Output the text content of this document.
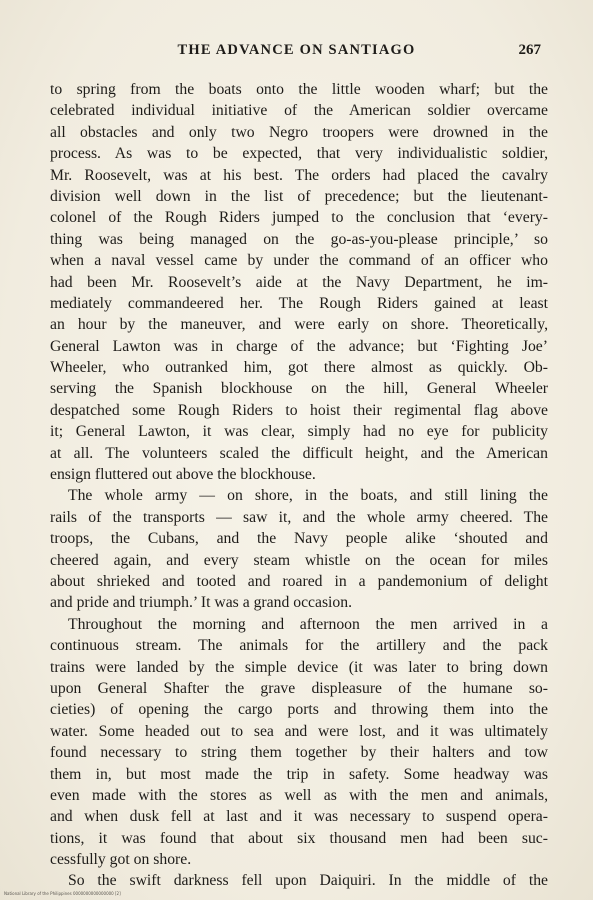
THE ADVANCE ON SANTIAGO	267
to spring from the boats onto the little wooden wharf; but the
celebrated individual initiative of the American soldier overcame
all obstacles and only two Negro troopers were drowned in the
process. As was to be expected, that very individualistic soldier,
Mr. Roosevelt, was at his best. The orders had placed the cavalry
division well down in the list of precedence; but the lieutenant-
colonel of the Rough Riders jumped to the conclusion that ‘every-
thing was being managed on the go-as-you-please principle,’ so
when a naval vessel came by under the command of an officer who
had been Mr. Roosevelt’s aide at the Navy Department, he im-
mediately commandeered her. The Rough Riders gained at least
an hour by the maneuver, and were early on shore. Theoretically,
General Lawton was in charge of the advance; but ‘Fighting Joe’
Wheeler, who outranked him, got there almost as quickly. Ob-
serving the Spanish blockhouse on the hill, General Wheeler
despatched some Rough Riders to hoist their regimental flag above
it; General Lawton, it was clear, simply had no eye for publicity
at all. The volunteers scaled the difficult height, and the American
ensign fluttered out above the blockhouse.
The whole army — on shore, in the boats, and still lining the
rails of the transports — saw it, and the whole army cheered. The
troops, the Cubans, and the Navy people alike ‘shouted and
cheered again, and every steam whistle on the ocean for miles
about shrieked and tooted and roared in a pandemonium of delight
and pride and triumph.’ It was a grand occasion.
Throughout the morning and afternoon the men arrived in a
continuous stream. The animals for the artillery and the pack
trains were landed by the simple device (it was later to bring down
upon General Shafter the grave displeasure of the humane so-
cieties) of opening the cargo ports and throwing them into the
water. Some headed out to sea and were lost, and it was ultimately
found necessary to string them together by their halters and tow
them in, but most made the trip in safety. Some headway was
even made with the stores as well as with the men and animals,
and when dusk fell at last and it was necessary to suspend opera-
tions, it was found that about six thousand men had been suc-
cessfully got on shore.
So the swift darkness fell upon Daiquiri. In the middle of the
National Library of the Philippines 0000000000000000 [2]
